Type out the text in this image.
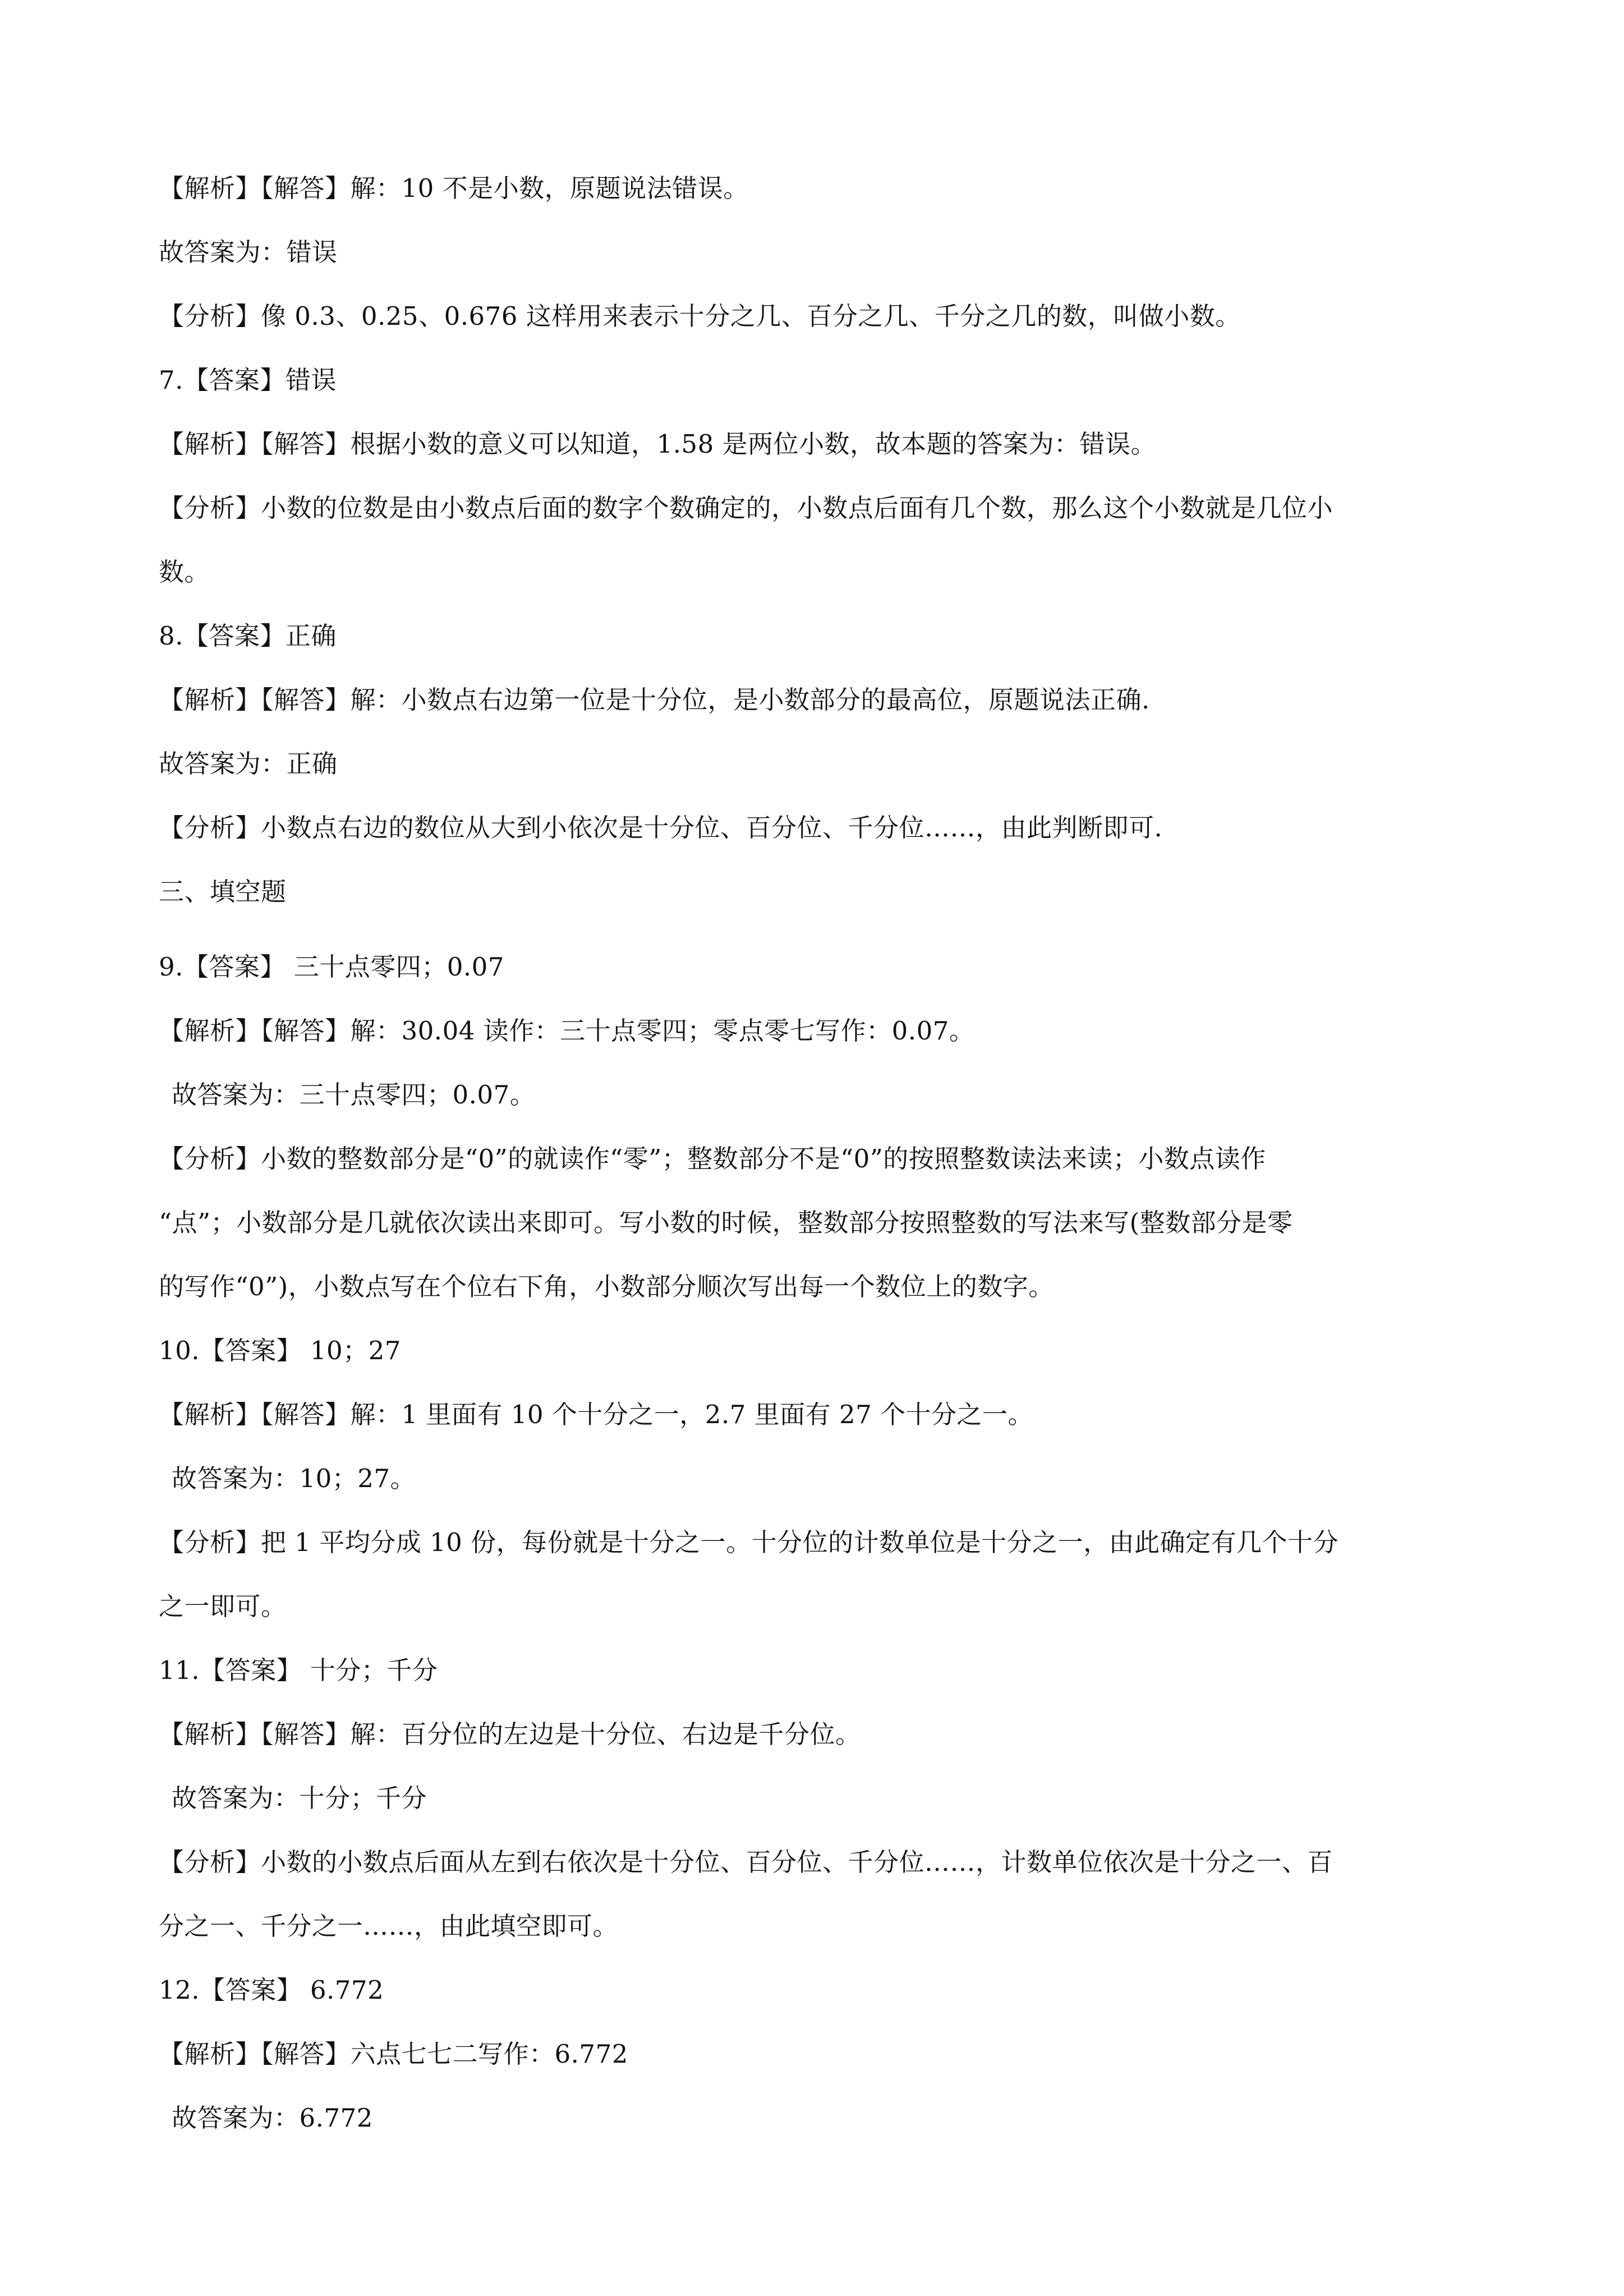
【解析】【解答】解：10 不是小数，原题说法错误。
故答案为：错误
【分析】像 0.3、0.25、0.676 这样用来表示十分之几、百分之几、千分之几的数，叫做小数。
7.【答案】错误
【解析】【解答】根据小数的意义可以知道，1.58 是两位小数，故本题的答案为：错误。
【分析】小数的位数是由小数点后面的数字个数确定的，小数点后面有几个数，那么这个小数就是几位小
数。
8.【答案】正确
【解析】【解答】解：小数点右边第一位是十分位，是小数部分的最高位，原题说法正确.
故答案为：正确
【分析】小数点右边的数位从大到小依次是十分位、百分位、千分位……，由此判断即可.
三、填空题
9.【答案】 三十点零四；0.07
【解析】【解答】解：30.04 读作：三十点零四；零点零七写作：0.07。
故答案为：三十点零四；0.07。
【分析】小数的整数部分是“0”的就读作“零”；整数部分不是“0”的按照整数读法来读；小数点读作
“点”；小数部分是几就依次读出来即可。写小数的时候，整数部分按照整数的写法来写(整数部分是零
的写作“0”)，小数点写在个位右下角，小数部分顺次写出每一个数位上的数字。
10.【答案】 10；27
【解析】【解答】解：1 里面有 10 个十分之一，2.7 里面有 27 个十分之一。
故答案为：10；27。
【分析】把 1 平均分成 10 份，每份就是十分之一。十分位的计数单位是十分之一，由此确定有几个十分
之一即可。
11.【答案】 十分；千分
【解析】【解答】解：百分位的左边是十分位、右边是千分位。
故答案为：十分；千分
【分析】小数的小数点后面从左到右依次是十分位、百分位、千分位……，计数单位依次是十分之一、百
分之一、千分之一……，由此填空即可。
12.【答案】 6.772
【解析】【解答】六点七七二写作：6.772
故答案为：6.772
